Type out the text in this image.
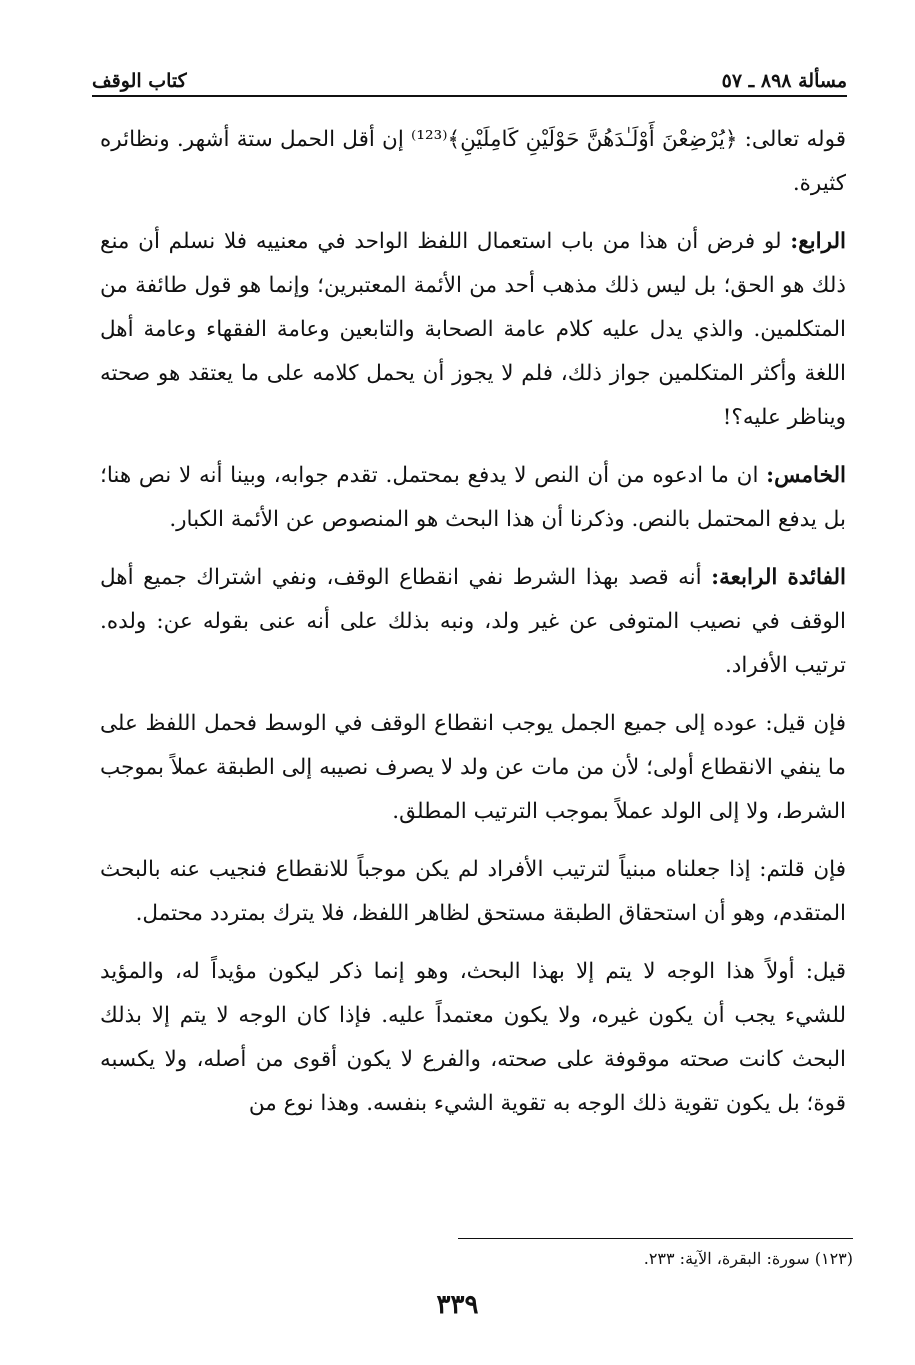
مسألة ٨٩٨ ـ ٥٧
كتاب الوقف

قوله تعالى: ﴿يُرْضِعْنَ أَوْلَـٰدَهُنَّ حَوْلَيْنِ كَامِلَيْنِ﴾⁽¹²³⁾ إن أقل الحمل ستة أشهر. ونظائره كثيرة.

الرابع: لو فرض أن هذا من باب استعمال اللفظ الواحد في معنييه فلا نسلم أن منع ذلك هو الحق؛ بل ليس ذلك مذهب أحد من الأئمة المعتبرين؛ وإنما هو قول طائفة من المتكلمين. والذي يدل عليه كلام عامة الصحابة والتابعين وعامة الفقهاء وعامة أهل اللغة وأكثر المتكلمين جواز ذلك، فلم لا يجوز أن يحمل كلامه على ما يعتقد هو صحته ويناظر عليه؟!

الخامس: ان ما ادعوه من أن النص لا يدفع بمحتمل. تقدم جوابه، وبينا أنه لا نص هنا؛ بل يدفع المحتمل بالنص. وذكرنا أن هذا البحث هو المنصوص عن الأئمة الكبار.

الفائدة الرابعة: أنه قصد بهذا الشرط نفي انقطاع الوقف، ونفي اشتراك جميع أهل الوقف في نصيب المتوفى عن غير ولد، ونبه بذلك على أنه عنى بقوله عن: ولده. ترتيب الأفراد.

فإن قيل: عوده إلى جميع الجمل يوجب انقطاع الوقف في الوسط فحمل اللفظ على ما ينفي الانقطاع أولى؛ لأن من مات عن ولد لا يصرف نصيبه إلى الطبقة عملاً بموجب الشرط، ولا إلى الولد عملاً بموجب الترتيب المطلق.

فإن قلتم: إذا جعلناه مبنياً لترتيب الأفراد لم يكن موجباً للانقطاع فنجيب عنه بالبحث المتقدم، وهو أن استحقاق الطبقة مستحق لظاهر اللفظ، فلا يترك بمتردد محتمل.

قيل: أولاً هذا الوجه لا يتم إلا بهذا البحث، وهو إنما ذكر ليكون مؤيداً له، والمؤيد للشيء يجب أن يكون غيره، ولا يكون معتمداً عليه. فإذا كان الوجه لا يتم إلا بذلك البحث كانت صحته موقوفة على صحته، والفرع لا يكون أقوى من أصله، ولا يكسبه قوة؛ بل يكون تقوية ذلك الوجه به تقوية الشيء بنفسه. وهذا نوع من

(١٢٣) سورة: البقرة، الآية: ٢٣٣.
٣٣٩
